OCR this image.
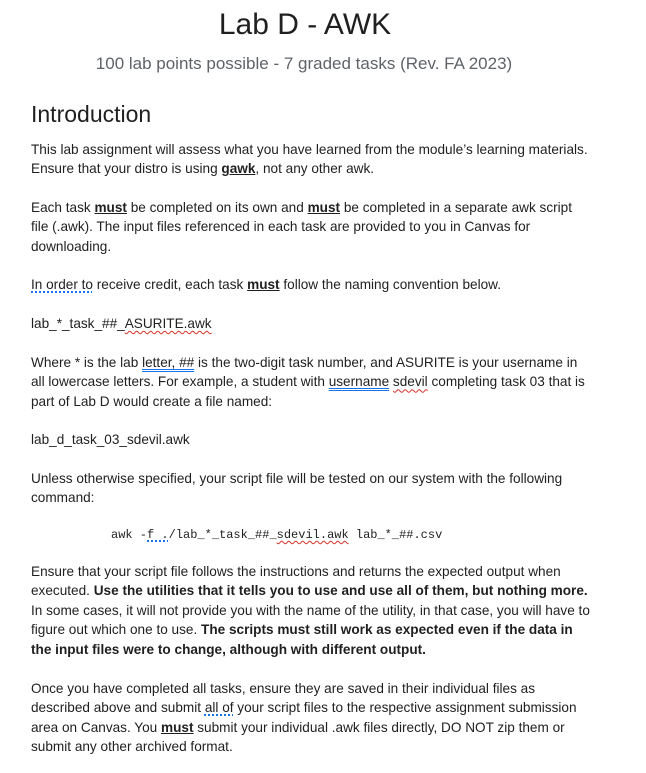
Lab D - AWK
100 lab points possible - 7 graded tasks (Rev. FA 2023)
Introduction

This lab assignment will assess what you have learned from the module’s learning materials. Ensure that your distro is using gawk, not any other awk.

Each task must be completed on its own and must be completed in a separate awk script file (.awk). The input files referenced in each task are provided to you in Canvas for downloading.

In order to receive credit, each task must follow the naming convention below.

lab_*_task_##_ASURITE.awk

Where * is the lab letter, ## is the two-digit task number, and ASURITE is your username in all lowercase letters. For example, a student with username sdevil completing task 03 that is part of Lab D would create a file named:

lab_d_task_03_sdevil.awk

Unless otherwise specified, your script file will be tested on our system with the following command:

awk -f ./lab_*_task_##_sdevil.awk lab_*_##.csv

Ensure that your script file follows the instructions and returns the expected output when executed. Use the utilities that it tells you to use and use all of them, but nothing more. In some cases, it will not provide you with the name of the utility, in that case, you will have to figure out which one to use. The scripts must still work as expected even if the data in the input files were to change, although with different output.

Once you have completed all tasks, ensure they are saved in their individual files as described above and submit all of your script files to the respective assignment submission area on Canvas. You must submit your individual .awk files directly, DO NOT zip them or submit any other archived format.
